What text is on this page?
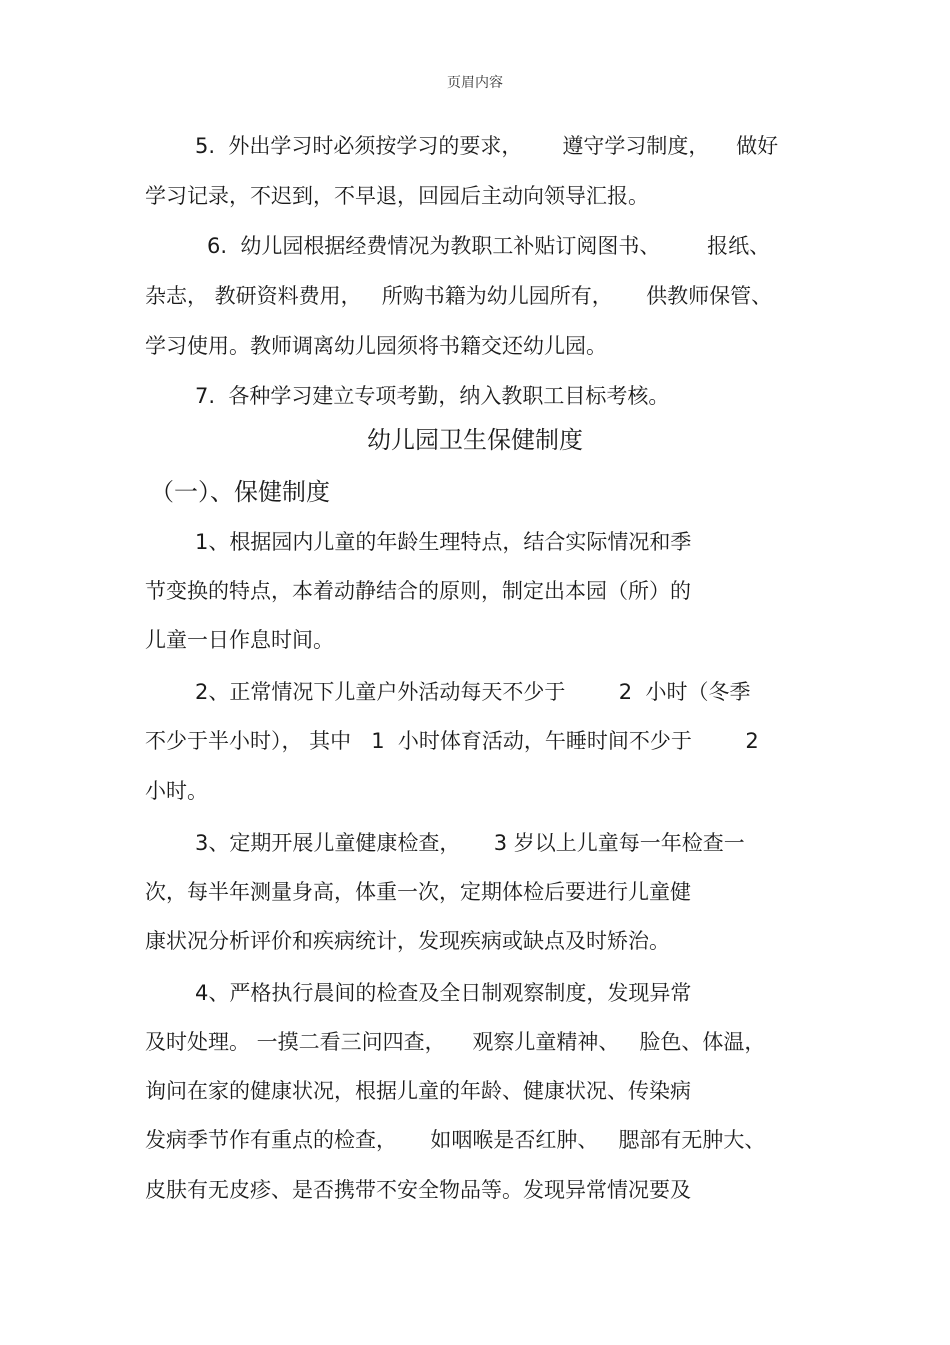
页眉内容
5.  外出学习时必须按学习的要求，      遵守学习制度，    做好
学习记录，不迟到，不早退，回园后主动向领导汇报。
6.  幼儿园根据经费情况为教职工补贴订阅图书、       报纸、
杂志， 教研资料费用，   所购书籍为幼儿园所有，     供教师保管、
学习使用。教师调离幼儿园须将书籍交还幼儿园。
7.  各种学习建立专项考勤，纳入教职工目标考核。
幼儿园卫生保健制度
（一）、保健制度
1、根据园内儿童的年龄生理特点，结合实际情况和季
节变换的特点，本着动静结合的原则，制定出本园（所）的
儿童一日作息时间。
2、正常情况下儿童户外活动每天不少于        2  小时（冬季
不少于半小时）， 其中   1  小时体育活动，午睡时间不少于        2
小时。
3、定期开展儿童健康检查，     3 岁以上儿童每一年检查一
次，每半年测量身高，体重一次，定期体检后要进行儿童健
康状况分析评价和疾病统计，发现疾病或缺点及时矫治。
4、严格执行晨间的检查及全日制观察制度，发现异常
及时处理。 一摸二看三问四查，    观察儿童精神、   脸色、体温，
询问在家的健康状况，根据儿童的年龄、健康状况、传染病
发病季节作有重点的检查，     如咽喉是否红肿、   腮部有无肿大、
皮肤有无皮疹、是否携带不安全物品等。发现异常情况要及
